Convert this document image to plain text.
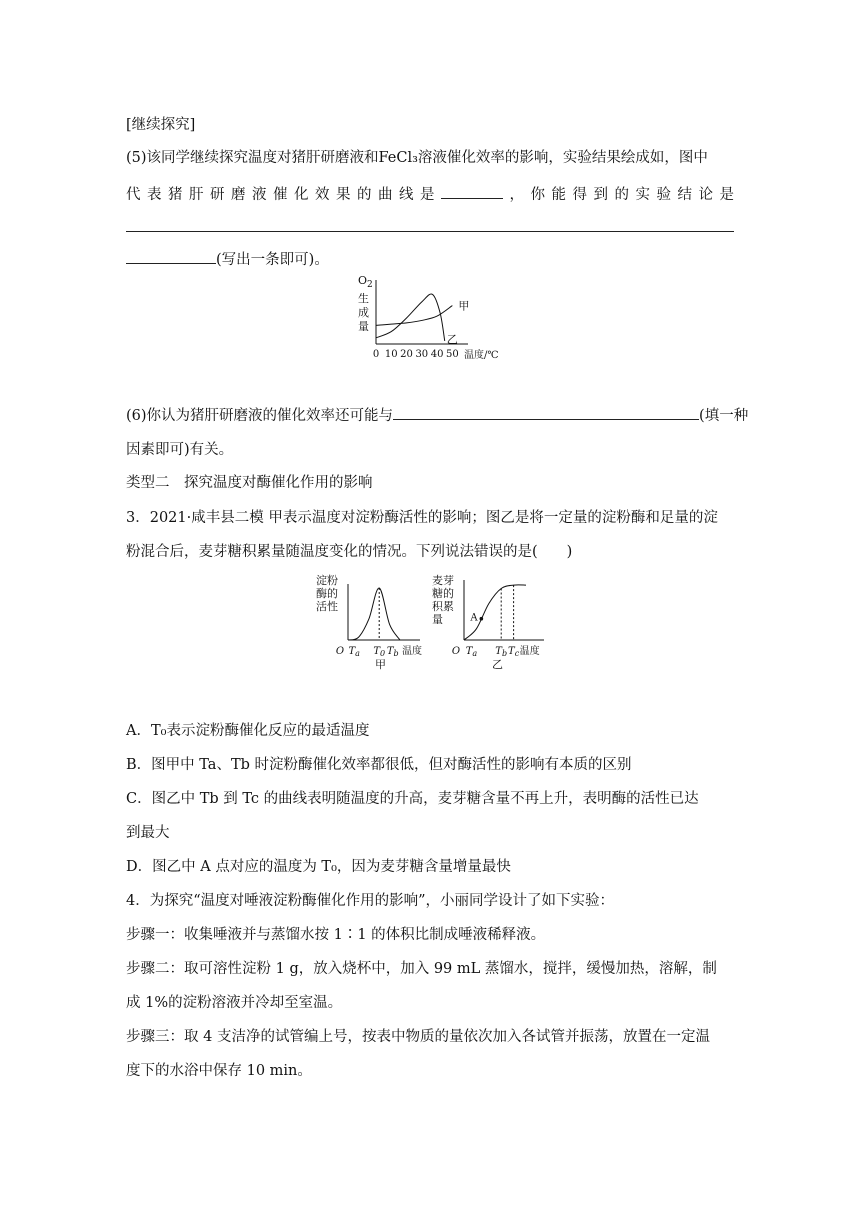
[继续探究]
(5)该同学继续探究温度对猪肝研磨液和FeCl₃溶液催化效率的影响，实验结果绘成如，图中
代表猪肝研磨液催化效果的曲线是	，你能得到的实验结论是
(写出一条即可)。
$O_2$
生
成
量
0 10 20 30 40 50 温度/℃
甲
乙
(6)你认为猪肝研磨液的催化效率还可能与	(填一种
因素即可)有关。
类型二　探究温度对酶催化作用的影响
3．2021·咸丰县二模 甲表示温度对淀粉酶活性的影响；图乙是将一定量的淀粉酶和足量的淀
粉混合后，麦芽糖积累量随温度变化的情况。下列说法错误的是(　　)
淀粉
酶的
活性
O $T_a$ $T_0$ $T_b$ 温度
甲
麦芽
糖的
积累
量	A
O $T_a$ $T_b$ $T_c$ 温度
乙
A．T₀表示淀粉酶催化反应的最适温度
B．图甲中 Ta、Tb 时淀粉酶催化效率都很低，但对酶活性的影响有本质的区别
C．图乙中 Tb 到 Tc 的曲线表明随温度的升高，麦芽糖含量不再上升，表明酶的活性已达
到最大
D．图乙中 A 点对应的温度为 T₀，因为麦芽糖含量增量最快
4．为探究“温度对唾液淀粉酶催化作用的影响”，小丽同学设计了如下实验：
步骤一：收集唾液并与蒸馏水按 1∶1 的体积比制成唾液稀释液。
步骤二：取可溶性淀粉 1 g，放入烧杯中，加入 99 mL 蒸馏水，搅拌，缓慢加热，溶解，制
成 1%的淀粉溶液并冷却至室温。
步骤三：取 4 支洁净的试管编上号，按表中物质的量依次加入各试管并振荡，放置在一定温
度下的水浴中保存 10 min。
